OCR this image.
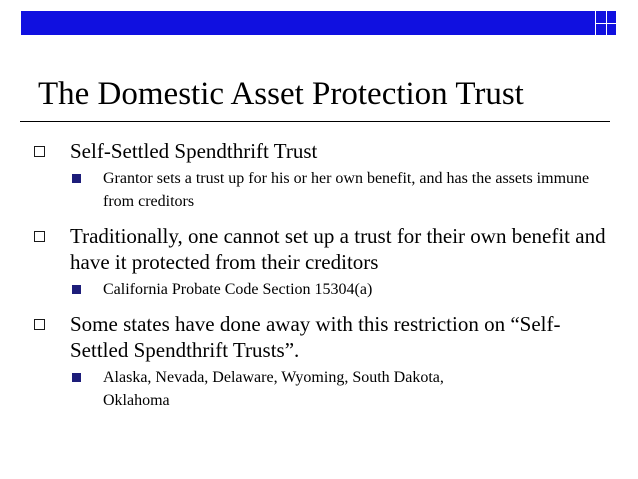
The Domestic Asset Protection Trust
Self-Settled Spendthrift Trust
Grantor sets a trust up for his or her own benefit, and has the assets immune from creditors
Traditionally, one cannot set up a trust for their own benefit and have it protected from their creditors
California Probate Code Section 15304(a)
Some states have done away with this restriction on “Self-Settled Spendthrift Trusts”.
Alaska, Nevada, Delaware, Wyoming, South Dakota, Oklahoma
